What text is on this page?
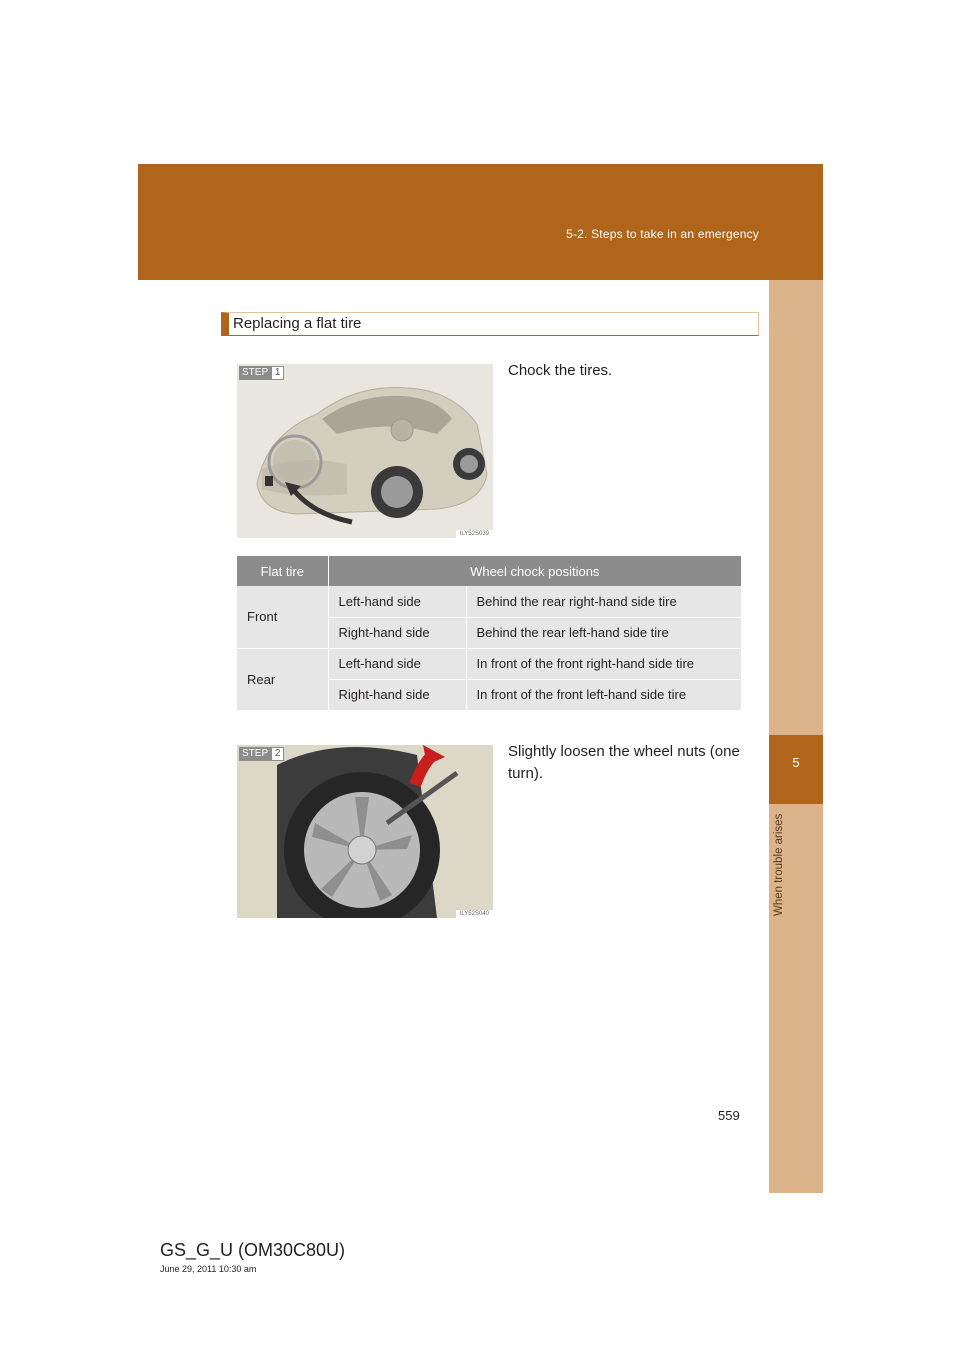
5-2. Steps to take in an emergency
5
When trouble arises
Replacing a flat tire
STEP 1
ILY52S039
Chock the tires.
Flat tire	Wheel chock positions	
Front	Left-hand side	Behind the rear right-hand side tire
	Right-hand side	Behind the rear left-hand side tire
Rear	Left-hand side	In front of the front right-hand side tire
	Right-hand side	In front of the front left-hand side tire
STEP 2
ILY52S040
Slightly loosen the wheel nuts (one turn).
559
GS_G_U (OM30C80U)
June 29, 2011 10:30 am
